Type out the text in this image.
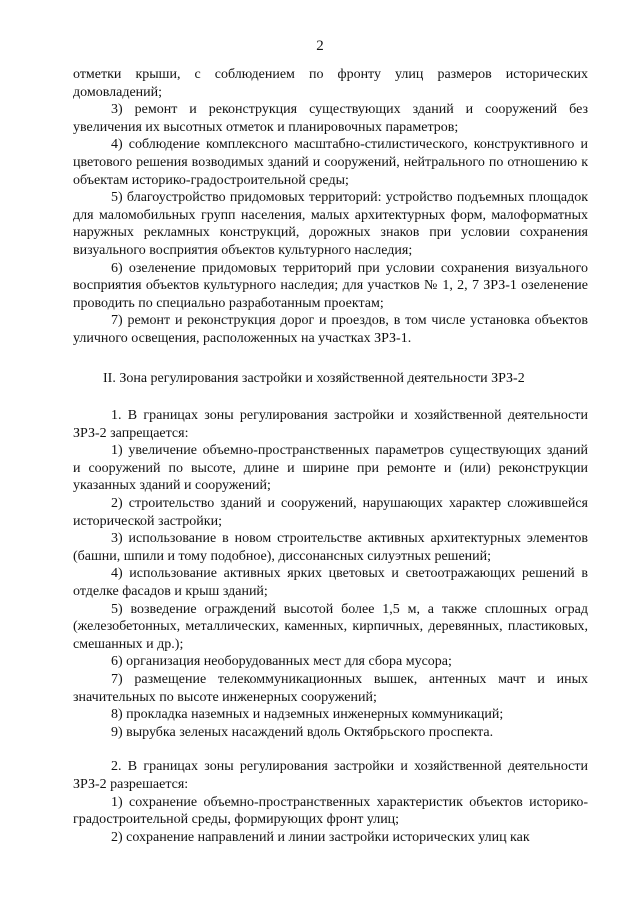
2

отметки крыши, с соблюдением по фронту улиц размеров исторических домовладений;

3) ремонт и реконструкция существующих зданий и сооружений без увеличения их высотных отметок и планировочных параметров;

4) соблюдение комплексного масштабно-стилистического, конструктивного и цветового решения возводимых зданий и сооружений, нейтрального по отношению к объектам историко-градостроительной среды;

5) благоустройство придомовых территорий: устройство подъемных площадок для маломобильных групп населения, малых архитектурных форм, малоформатных наружных рекламных конструкций, дорожных знаков при условии сохранения визуального восприятия объектов культурного наследия;

6) озеленение придомовых территорий при условии сохранения визуального восприятия объектов культурного наследия; для участков № 1, 2, 7 ЗРЗ-1 озеленение проводить по специально разработанным проектам;

7) ремонт и реконструкция дорог и проездов, в том числе установка объектов уличного освещения, расположенных на участках ЗРЗ-1.

II. Зона регулирования застройки и хозяйственной деятельности ЗРЗ-2

1. В границах зоны регулирования застройки и хозяйственной деятельности ЗРЗ-2 запрещается:

1) увеличение объемно-пространственных параметров существующих зданий и сооружений по высоте, длине и ширине при ремонте и (или) реконструкции указанных зданий и сооружений;

2) строительство зданий и сооружений, нарушающих характер сложившейся исторической застройки;

3) использование в новом строительстве активных архитектурных элементов (башни, шпили и тому подобное), диссонансных силуэтных решений;

4) использование активных ярких цветовых и светоотражающих решений в отделке фасадов и крыш зданий;

5) возведение ограждений высотой более 1,5 м, а также сплошных оград (железобетонных, металлических, каменных, кирпичных, деревянных, пластиковых, смешанных и др.);

6) организация необорудованных мест для сбора мусора;

7) размещение телекоммуникационных вышек, антенных мачт и иных значительных по высоте инженерных сооружений;

8) прокладка наземных и надземных инженерных коммуникаций;

9) вырубка зеленых насаждений вдоль Октябрьского проспекта.

2. В границах зоны регулирования застройки и хозяйственной деятельности ЗРЗ-2 разрешается:

1) сохранение объемно-пространственных характеристик объектов историко-градостроительной среды, формирующих фронт улиц;

2) сохранение направлений и линии застройки исторических улиц как
